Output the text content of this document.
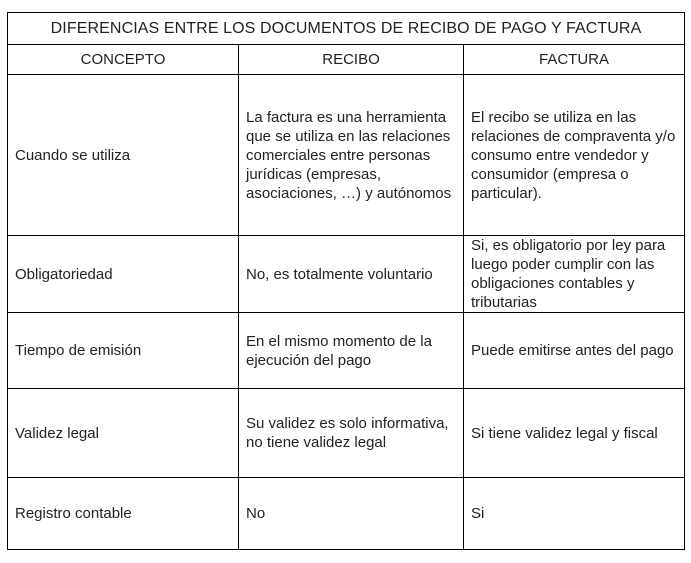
DIFERENCIAS ENTRE LOS DOCUMENTOS DE RECIBO DE PAGO Y FACTURA		
CONCEPTO	RECIBO	FACTURA
Cuando se utiliza	La factura es una herramienta que se utiliza en las relaciones comerciales entre personas jurídicas (empresas, asociaciones, …) y autónomos	El recibo se utiliza en las relaciones de compraventa y/o consumo entre vendedor y consumidor (empresa o particular).
Obligatoriedad	No, es totalmente voluntario	Si, es obligatorio por ley para luego poder cumplir con las obligaciones contables y tributarias
Tiempo de emisión	En el mismo momento de la ejecución del pago	Puede emitirse antes del pago
Validez legal	Su validez es solo informativa, no tiene validez legal	Si tiene validez legal y fiscal
Registro contable	No	Si
